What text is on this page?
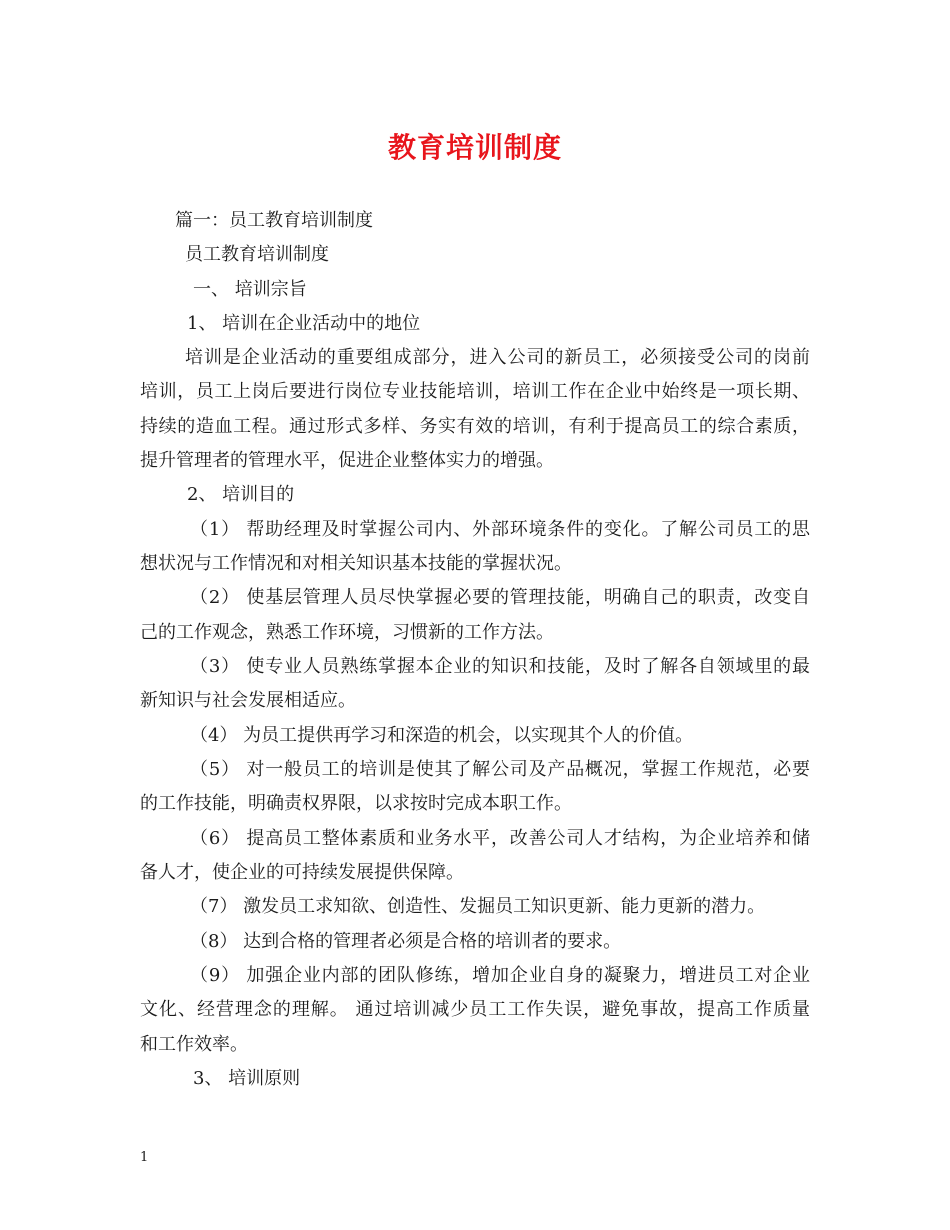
教育培训制度
篇一：员工教育培训制度
员工教育培训制度
一、 培训宗旨
1、 培训在企业活动中的地位
培训是企业活动的重要组成部分，进入公司的新员工，必须接受公司的岗前
培训，员工上岗后要进行岗位专业技能培训，培训工作在企业中始终是一项长期、
持续的造血工程。通过形式多样、务实有效的培训，有利于提高员工的综合素质，
提升管理者的管理水平，促进企业整体实力的增强。
2、 培训目的
（1） 帮助经理及时掌握公司内、外部环境条件的变化。了解公司员工的思
想状况与工作情况和对相关知识基本技能的掌握状况。
（2） 使基层管理人员尽快掌握必要的管理技能，明确自己的职责，改变自
己的工作观念，熟悉工作环境，习惯新的工作方法。
（3） 使专业人员熟练掌握本企业的知识和技能，及时了解各自领域里的最
新知识与社会发展相适应。
（4） 为员工提供再学习和深造的机会，以实现其个人的价值。
（5） 对一般员工的培训是使其了解公司及产品概况，掌握工作规范，必要
的工作技能，明确责权界限，以求按时完成本职工作。
（6） 提高员工整体素质和业务水平，改善公司人才结构，为企业培养和储
备人才，使企业的可持续发展提供保障。
（7） 激发员工求知欲、创造性、发掘员工知识更新、能力更新的潜力。
（8） 达到合格的管理者必须是合格的培训者的要求。
（9） 加强企业内部的团队修练，增加企业自身的凝聚力，增进员工对企业
文化、经营理念的理解。 通过培训减少员工工作失误，避免事故，提高工作质量
和工作效率。
3、 培训原则
1
